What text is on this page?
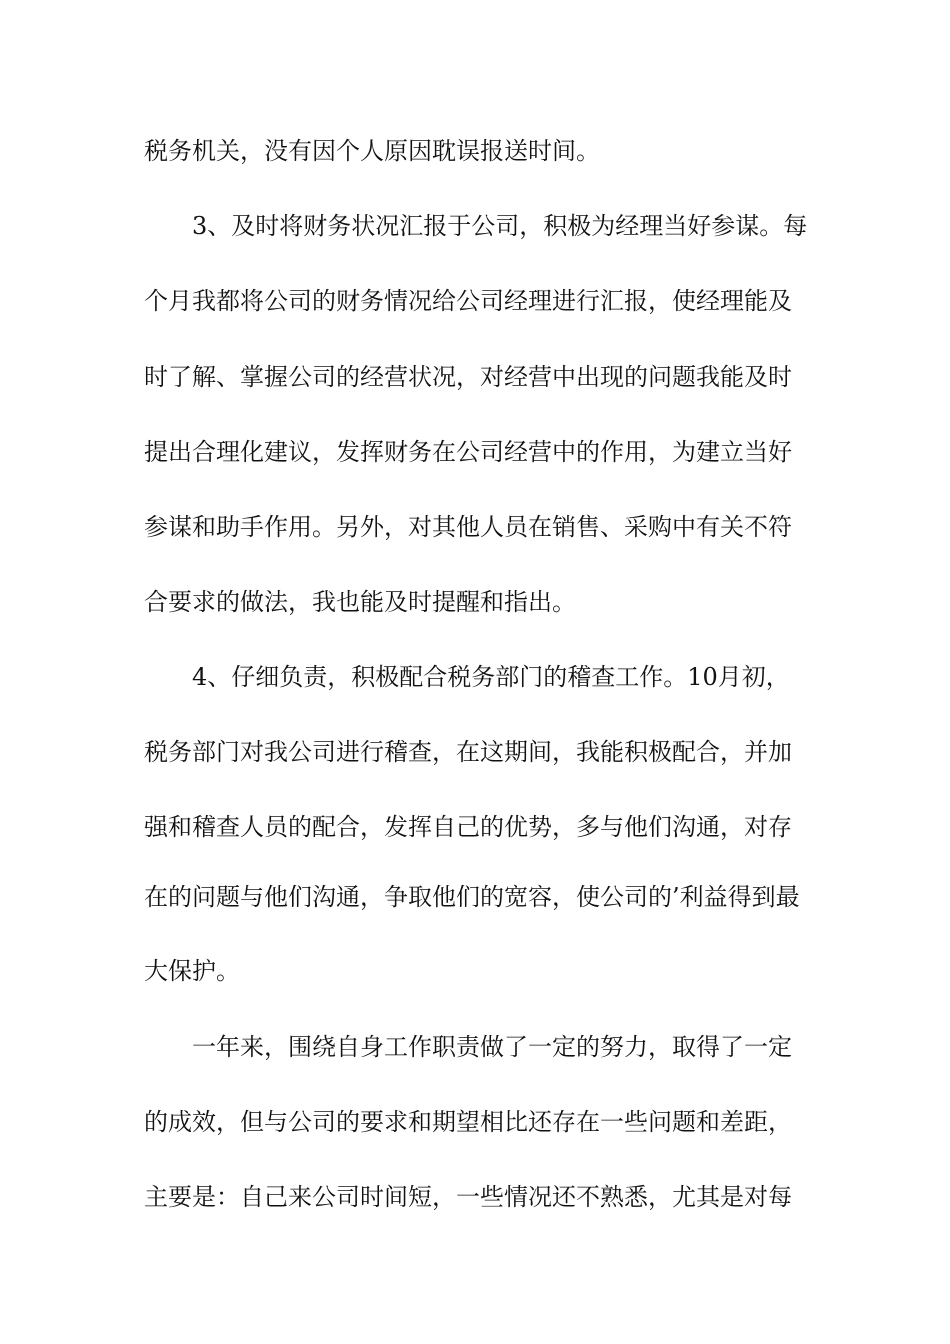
税务机关，没有因个人原因耽误报送时间。
3、及时将财务状况汇报于公司，积极为经理当好参谋。每
个月我都将公司的财务情况给公司经理进行汇报，使经理能及
时了解、掌握公司的经营状况，对经营中出现的问题我能及时
提出合理化建议，发挥财务在公司经营中的作用，为建立当好
参谋和助手作用。另外，对其他人员在销售、采购中有关不符
合要求的做法，我也能及时提醒和指出。
4、仔细负责，积极配合税务部门的稽查工作。10月初，
税务部门对我公司进行稽查，在这期间，我能积极配合，并加
强和稽查人员的配合，发挥自己的优势，多与他们沟通，对存
在的问题与他们沟通，争取他们的宽容，使公司的’利益得到最
大保护。
一年来，围绕自身工作职责做了一定的努力，取得了一定
的成效，但与公司的要求和期望相比还存在一些问题和差距，
主要是：自己来公司时间短，一些情况还不熟悉，尤其是对每
